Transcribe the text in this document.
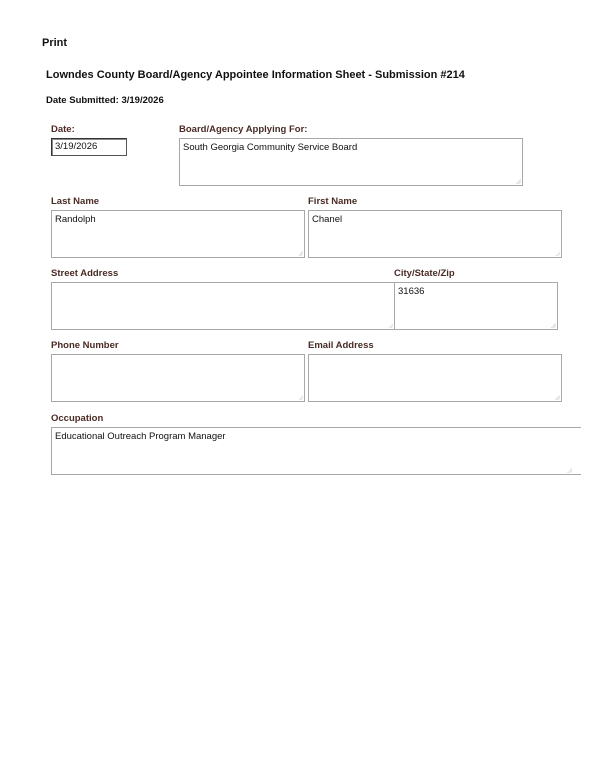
Print
Lowndes County Board/Agency Appointee Information Sheet - Submission #214
Date Submitted: 3/19/2026
Date:
3/19/2026
Board/Agency Applying For:
South Georgia Community Service Board
Last Name
Randolph
First Name
Chanel
Street Address	City/State/Zip
31636
Phone Number	Email Address
Occupation
Educational Outreach Program Manager
